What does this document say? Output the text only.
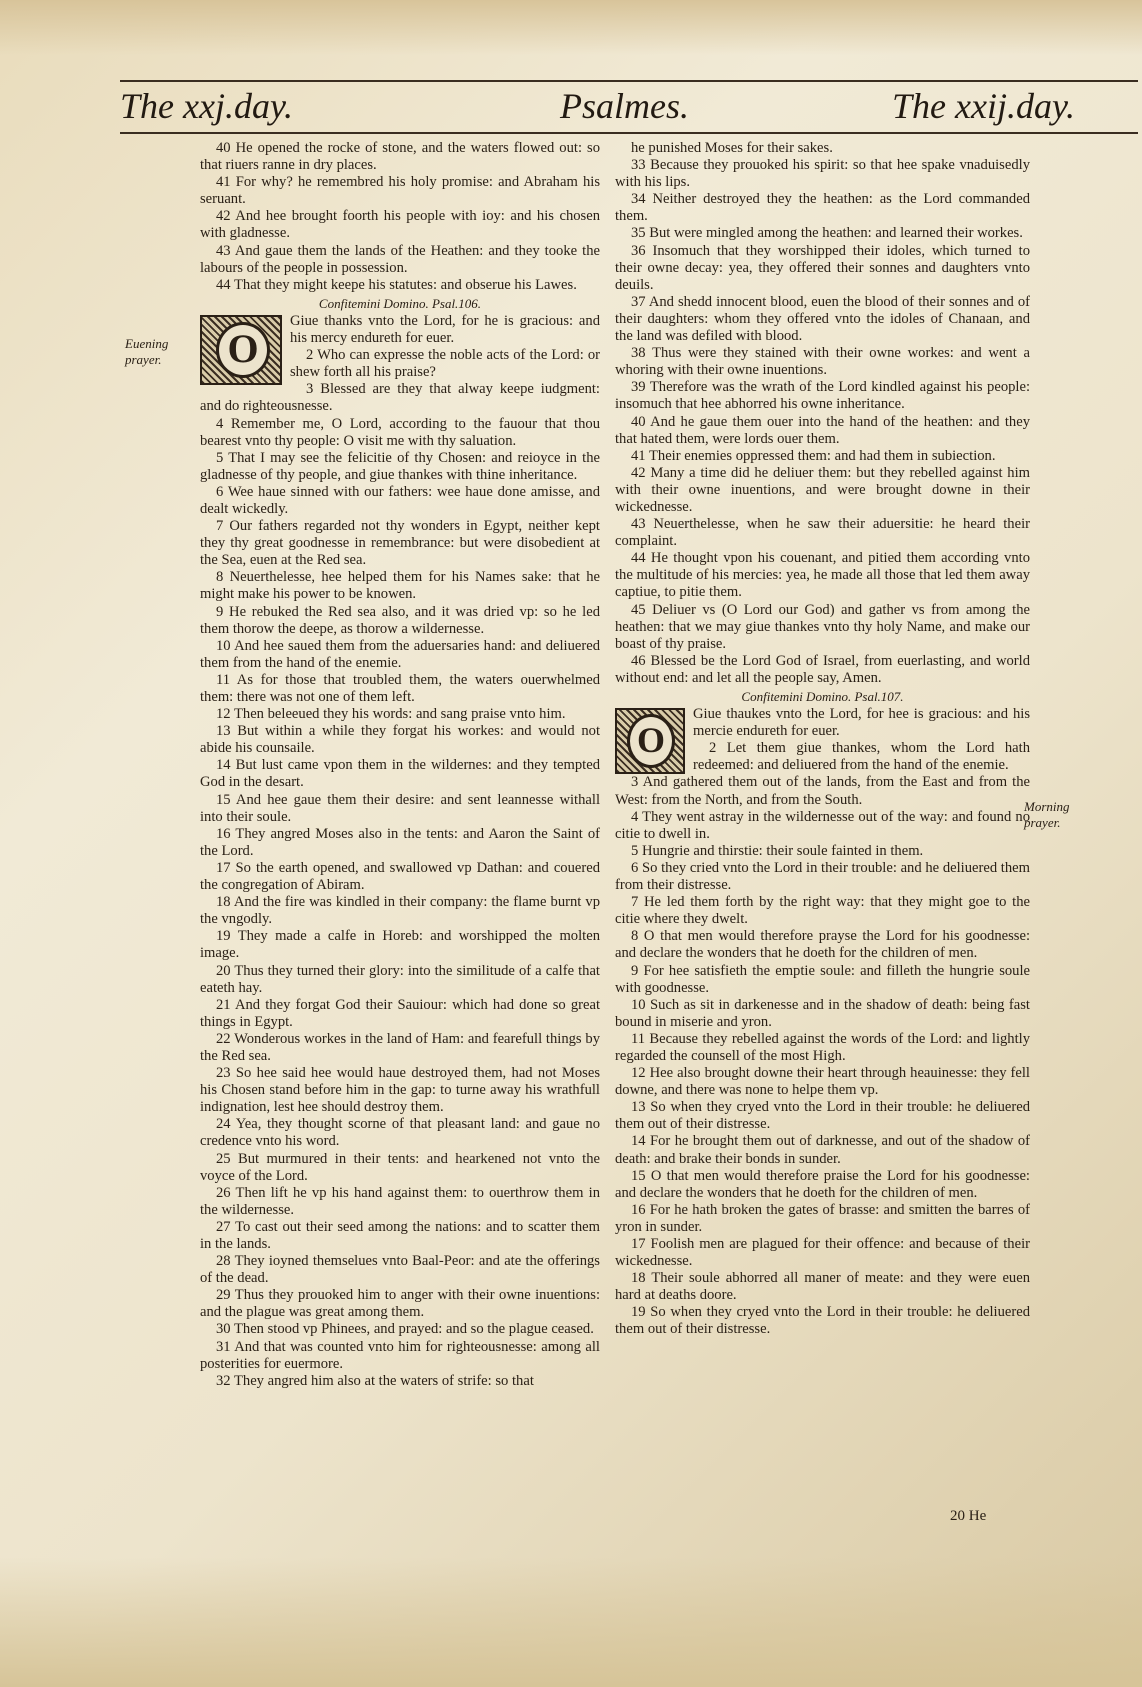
The xxj.day.	Psalmes.	The xxij.day.
Euening prayer.
Morning prayer.

40 He opened the rocke of stone, and the waters flowed out: so that riuers ranne in dry places.

41 For why? he remembred his holy promise: and Abraham his seruant.

42 And hee brought foorth his people with ioy: and his chosen with gladnesse.

43 And gaue them the lands of the Heathen: and they tooke the labours of the people in possession.

44 That they might keepe his statutes: and obserue his Lawes.

Confitemini Domino. Psal.106.
O

Giue thanks vnto the Lord, for he is gracious: and his mercy endureth for euer.

2 Who can expresse the noble acts of the Lord: or shew forth all his praise?

3 Blessed are they that alway keepe iudgment: and do righteousnesse.

4 Remember me, O Lord, according to the fauour that thou bearest vnto thy people: O visit me with thy saluation.

5 That I may see the felicitie of thy Chosen: and reioyce in the gladnesse of thy people, and giue thankes with thine inheritance.

6 Wee haue sinned with our fathers: wee haue done amisse, and dealt wickedly.

7 Our fathers regarded not thy wonders in Egypt, neither kept they thy great goodnesse in remembrance: but were disobedient at the Sea, euen at the Red sea.

8 Neuerthelesse, hee helped them for his Names sake: that he might make his power to be knowen.

9 He rebuked the Red sea also, and it was dried vp: so he led them thorow the deepe, as thorow a wildernesse.

10 And hee saued them from the aduersaries hand: and deliuered them from the hand of the enemie.

11 As for those that troubled them, the waters ouerwhelmed them: there was not one of them left.

12 Then beleeued they his words: and sang praise vnto him.

13 But within a while they forgat his workes: and would not abide his counsaile.

14 But lust came vpon them in the wildernes: and they tempted God in the desart.

15 And hee gaue them their desire: and sent leannesse withall into their soule.

16 They angred Moses also in the tents: and Aaron the Saint of the Lord.

17 So the earth opened, and swallowed vp Dathan: and couered the congregation of Abiram.

18 And the fire was kindled in their company: the flame burnt vp the vngodly.

19 They made a calfe in Horeb: and worshipped the molten image.

20 Thus they turned their glory: into the similitude of a calfe that eateth hay.

21 And they forgat God their Sauiour: which had done so great things in Egypt.

22 Wonderous workes in the land of Ham: and fearefull things by the Red sea.

23 So hee said hee would haue destroyed them, had not Moses his Chosen stand before him in the gap: to turne away his wrathfull indignation, lest hee should destroy them.

24 Yea, they thought scorne of that pleasant land: and gaue no credence vnto his word.

25 But murmured in their tents: and hearkened not vnto the voyce of the Lord.

26 Then lift he vp his hand against them: to ouerthrow them in the wildernesse.

27 To cast out their seed among the nations: and to scatter them in the lands.

28 They ioyned themselues vnto Baal-Peor: and ate the offerings of the dead.

29 Thus they prouoked him to anger with their owne inuentions: and the plague was great among them.

30 Then stood vp Phinees, and prayed: and so the plague ceased.

31 And that was counted vnto him for righteousnesse: among all posterities for euermore.

32 They angred him also at the waters of strife: so that

he punished Moses for their sakes.

33 Because they prouoked his spirit: so that hee spake vnaduisedly with his lips.

34 Neither destroyed they the heathen: as the Lord commanded them.

35 But were mingled among the heathen: and learned their workes.

36 Insomuch that they worshipped their idoles, which turned to their owne decay: yea, they offered their sonnes and daughters vnto deuils.

37 And shedd innocent blood, euen the blood of their sonnes and of their daughters: whom they offered vnto the idoles of Chanaan, and the land was defiled with blood.

38 Thus were they stained with their owne workes: and went a whoring with their owne inuentions.

39 Therefore was the wrath of the Lord kindled against his people: insomuch that hee abhorred his owne inheritance.

40 And he gaue them ouer into the hand of the heathen: and they that hated them, were lords ouer them.

41 Their enemies oppressed them: and had them in subiection.

42 Many a time did he deliuer them: but they rebelled against him with their owne inuentions, and were brought downe in their wickednesse.

43 Neuerthelesse, when he saw their aduersitie: he heard their complaint.

44 He thought vpon his couenant, and pitied them according vnto the multitude of his mercies: yea, he made all those that led them away captiue, to pitie them.

45 Deliuer vs (O Lord our God) and gather vs from among the heathen: that we may giue thankes vnto thy holy Name, and make our boast of thy praise.

46 Blessed be the Lord God of Israel, from euerlasting, and world without end: and let all the people say, Amen.

Confitemini Domino. Psal.107.
O

Giue thaukes vnto the Lord, for hee is gracious: and his mercie endureth for euer.

2 Let them giue thankes, whom the Lord hath redeemed: and deliuered from the hand of the enemie.

3 And gathered them out of the lands, from the East and from the West: from the North, and from the South.

4 They went astray in the wildernesse out of the way: and found no citie to dwell in.

5 Hungrie and thirstie: their soule fainted in them.

6 So they cried vnto the Lord in their trouble: and he deliuered them from their distresse.

7 He led them forth by the right way: that they might goe to the citie where they dwelt.

8 O that men would therefore prayse the Lord for his goodnesse: and declare the wonders that he doeth for the children of men.

9 For hee satisfieth the emptie soule: and filleth the hungrie soule with goodnesse.

10 Such as sit in darkenesse and in the shadow of death: being fast bound in miserie and yron.

11 Because they rebelled against the words of the Lord: and lightly regarded the counsell of the most High.

12 Hee also brought downe their heart through heauinesse: they fell downe, and there was none to helpe them vp.

13 So when they cryed vnto the Lord in their trouble: he deliuered them out of their distresse.

14 For he brought them out of darknesse, and out of the shadow of death: and brake their bonds in sunder.

15 O that men would therefore praise the Lord for his goodnesse: and declare the wonders that he doeth for the children of men.

16 For he hath broken the gates of brasse: and smitten the barres of yron in sunder.

17 Foolish men are plagued for their offence: and because of their wickednesse.

18 Their soule abhorred all maner of meate: and they were euen hard at deaths doore.

19 So when they cryed vnto the Lord in their trouble: he deliuered them out of their distresse.

20 He
